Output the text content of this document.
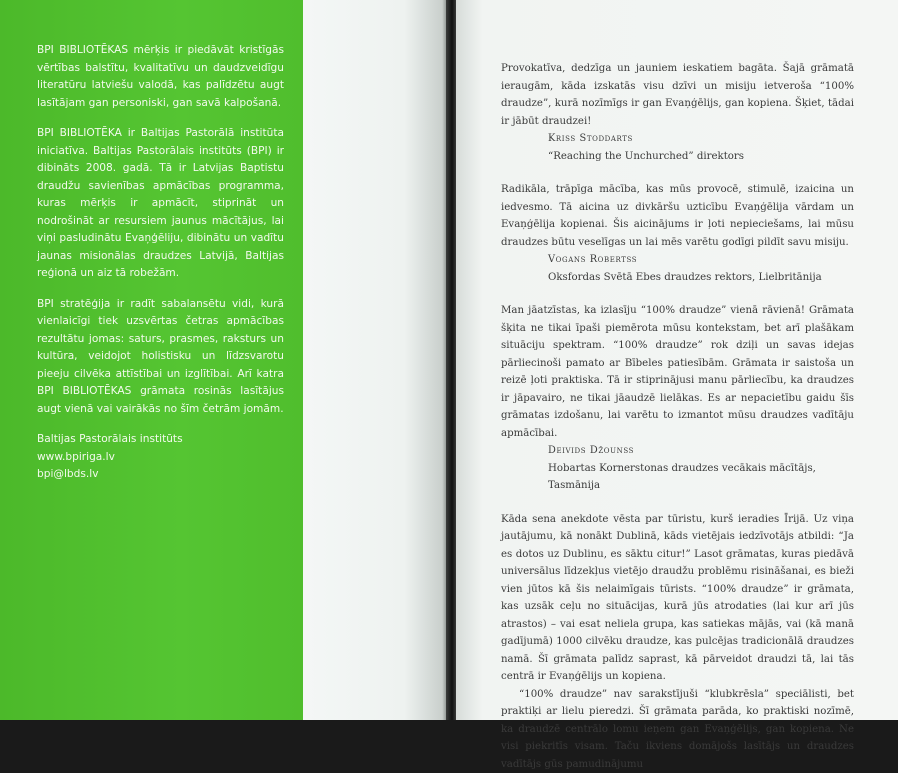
BPI BIBLIOTĒKAS mērķis ir piedāvāt kristīgās vērtības balstītu, kvalitatīvu un daudzveidīgu literatūru latviešu valodā, kas palīdzētu augt lasītājam gan personiski, gan savā kalpošanā.

BPI BIBLIOTĒKA ir Baltijas Pastorālā institūta iniciatīva. Baltijas Pastorālais institūts (BPI) ir dibināts 2008. gadā. Tā ir Latvijas Baptistu draudžu savienības apmācības programma, kuras mērķis ir apmācīt, stiprināt un nodrošināt ar resursiem jaunus mācītājus, lai viņi pasludinātu Evaņģēliju, dibinātu un vadītu jaunas misionālas draudzes Latvijā, Baltijas reģionā un aiz tā robežām.

BPI stratēģija ir radīt sabalansētu vidi, kurā vienlaicīgi tiek uzsvērtas četras apmācības rezultātu jomas: saturs, prasmes, raksturs un kultūra, veidojot holistisku un līdzsvarotu pieeju cilvēka attīstībai un izglītībai. Arī katra BPI BIBLIOTĒKAS grāmata rosinās lasītājus augt vienā vai vairākās no šīm četrām jomām.

Baltijas Pastorālais institūts
www.bpiriga.lv
bpi@lbds.lv

Provokatīva, dedzīga un jauniem ieskatiem bagāta. Šajā grāmatā ieraugām, kāda izskatās visu dzīvi un misiju ietveroša “100% draudze”, kurā nozīmīgs ir gan Evaņģēlijs, gan kopiena. Šķiet, tādai ir jābūt draudzei!

Kriss Stoddarts
“Reaching the Unchurched” direktors

Radikāla, trāpīga mācība, kas mūs provocē, stimulē, izaicina un iedvesmo. Tā aicina uz divkāršu uzticību Evaņģēlija vārdam un Evaņģēlija kopienai. Šis aicinājums ir ļoti nepieciešams, lai mūsu draudzes būtu veselīgas un lai mēs varētu godīgi pildīt savu misiju.

Vogans Robertss
Oksfordas Svētā Ebes draudzes rektors, Lielbritānija

Man jāatzīstas, ka izlasīju “100% draudze” vienā rāvienā! Grāmata šķita ne tikai īpaši piemērota mūsu kontekstam, bet arī plašākam situāciju spektram. “100% draudze” rok dziļi un savas idejas pārliecinoši pamato ar Bībeles patiesībām. Grāmata ir saistoša un reizē ļoti praktiska. Tā ir stiprinājusi manu pārliecību, ka draudzes ir jāpavairo, ne tikai jāaudzē lielākas. Es ar nepacietību gaidu šīs grāmatas izdošanu, lai varētu to izmantot mūsu draudzes vadītāju apmācībai.

Deivids Džounss
Hobartas Kornerstonas draudzes vecākais mācītājs, Tasmānija

Kāda sena anekdote vēsta par tūristu, kurš ieradies Īrijā. Uz viņa jautājumu, kā nonākt Dublinā, kāds vietējais iedzīvotājs atbildi: “Ja es dotos uz Dublinu, es sāktu citur!” Lasot grāmatas, kuras piedāvā universālus līdzekļus vietējo draudžu problēmu risināšanai, es bieži vien jūtos kā šis nelaimīgais tūrists. “100% draudze” ir grāmata, kas uzsāk ceļu no situācijas, kurā jūs atrodaties (lai kur arī jūs atrastos) – vai esat neliela grupa, kas satiekas mājās, vai (kā manā gadījumā) 1000 cilvēku draudze, kas pulcējas tradicionālā draudzes namā. Šī grāmata palīdz saprast, kā pārveidot draudzi tā, lai tās centrā ir Evaņģēlijs un kopiena.

“100% draudze” nav sarakstījuši “klubkrēsla” speciālisti, bet praktiķi ar lielu pieredzi. Šī grāmata parāda, ko praktiski nozīmē, ka draudzē centrālo lomu ieņem gan Evaņģēlijs, gan kopiena. Ne visi piekritīs visam. Taču ikviens domājošs lasītājs un draudzes vadītājs gūs pamudinājumu
